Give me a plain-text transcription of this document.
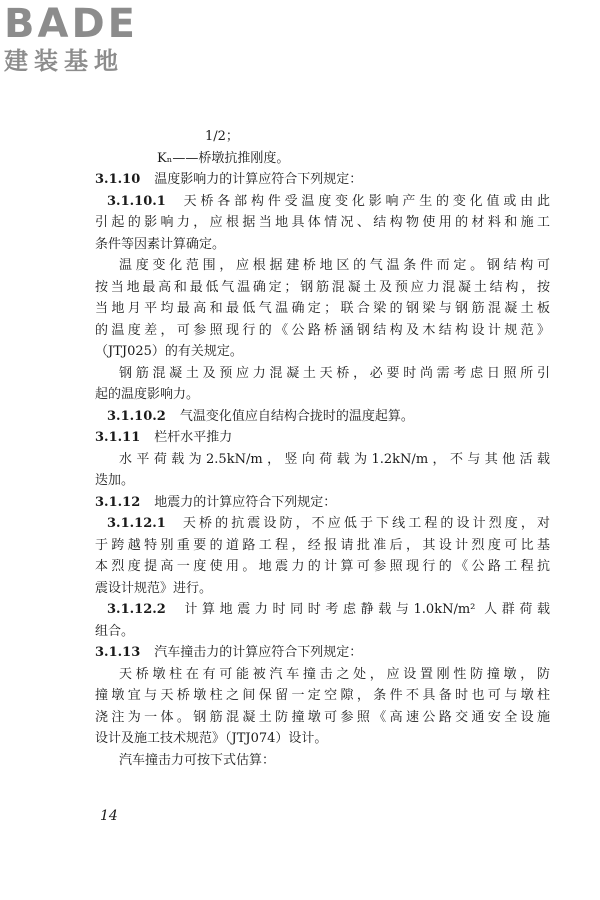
BADE
建装基地
1/2；
Kₙ——桥墩抗推刚度。
3.1.10 温度影响力的计算应符合下列规定：
3.1.10.1 天桥各部构件受温度变化影响产生的变化值或由此
引起的影响力，应根据当地具体情况、结构物使用的材料和施工
条件等因素计算确定。
温度变化范围，应根据建桥地区的气温条件而定。钢结构可
按当地最高和最低气温确定；钢筋混凝土及预应力混凝土结构，按
当地月平均最高和最低气温确定；联合梁的钢梁与钢筋混凝土板
的温度差，可参照现行的《公路桥涵钢结构及木结构设计规范》
（JTJ025）的有关规定。
钢筋混凝土及预应力混凝土天桥，必要时尚需考虑日照所引
起的温度影响力。
3.1.10.2 气温变化值应自结构合拢时的温度起算。
3.1.11 栏杆水平推力
水平荷载为2.5kN/m，竖向荷载为1.2kN/m，不与其他活载
迭加。
3.1.12 地震力的计算应符合下列规定：
3.1.12.1 天桥的抗震设防，不应低于下线工程的设计烈度，对
于跨越特别重要的道路工程，经报请批准后，其设计烈度可比基
本烈度提高一度使用。地震力的计算可参照现行的《公路工程抗
震设计规范》进行。
3.1.12.2 计算地震力时同时考虑静载与1.0kN/m² 人群荷载
组合。
3.1.13 汽车撞击力的计算应符合下列规定：
天桥墩柱在有可能被汽车撞击之处，应设置刚性防撞墩，防
撞墩宜与天桥墩柱之间保留一定空隙，条件不具备时也可与墩柱
浇注为一体。钢筋混凝土防撞墩可参照《高速公路交通安全设施
设计及施工技术规范》（JTJ074）设计。
汽车撞击力可按下式估算：
14
